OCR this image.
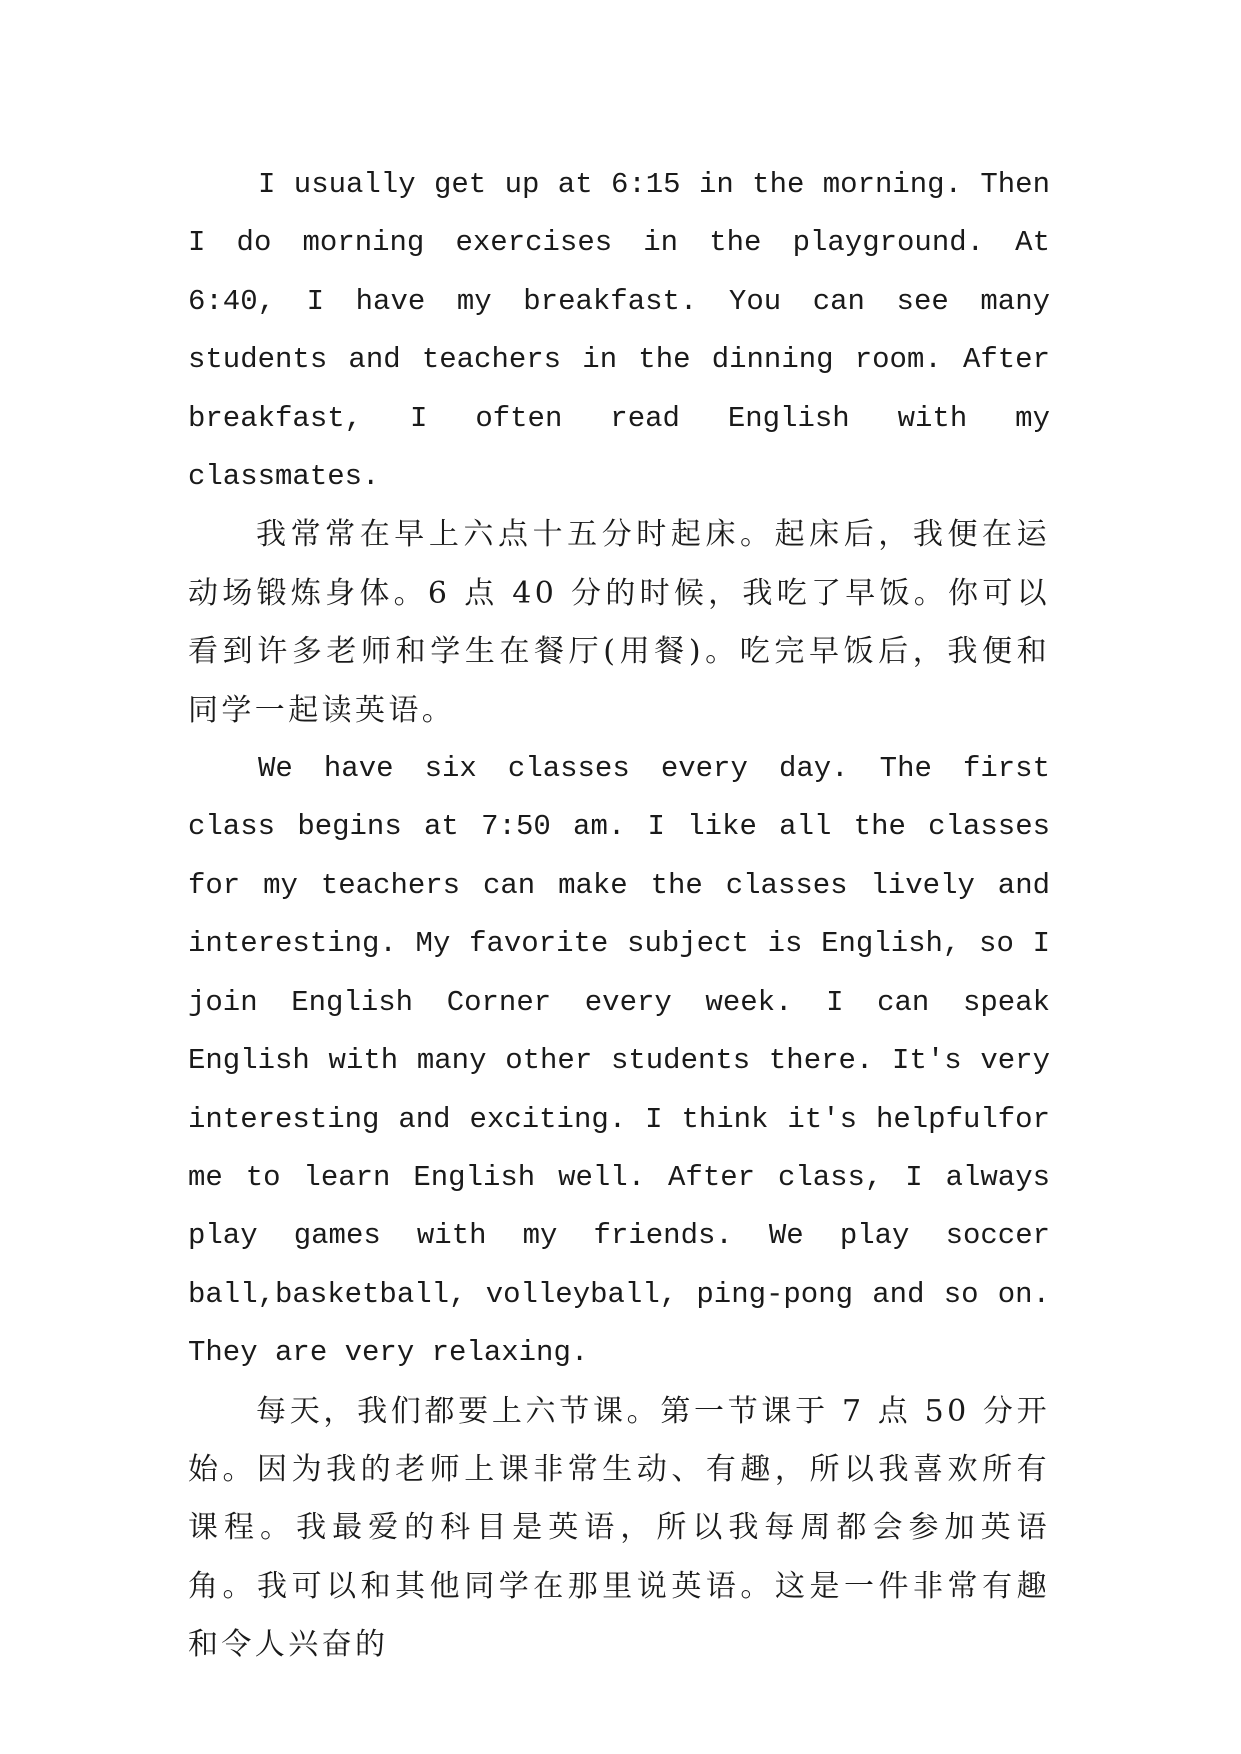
I usually get up at 6:15 in the morning. Then I do morning exercises in the playground. At 6:40, I have my breakfast. You can see many students and teachers in the dinning room. After breakfast, I often read English with my classmates.

我常常在早上六点十五分时起床。起床后，我便在运动场锻炼身体。6 点 40 分的时候，我吃了早饭。你可以看到许多老师和学生在餐厅(用餐)。吃完早饭后，我便和同学一起读英语。

We have six classes every day. The first class begins at 7:50 am. I like all the classes for my teachers can make the classes lively and interesting. My favorite subject is English, so I join English Corner every week. I can speak English with many other students there. It's very interesting and exciting. I think it's helpfulfor me to learn English well. After class, I always play games with my friends. We play soccer ball,basketball, volleyball, ping-pong and so on. They are very relaxing.

每天，我们都要上六节课。第一节课于 7 点 50 分开始。因为我的老师上课非常生动、有趣，所以我喜欢所有课程。我最爱的科目是英语，所以我每周都会参加英语角。我可以和其他同学在那里说英语。这是一件非常有趣和令人兴奋的
